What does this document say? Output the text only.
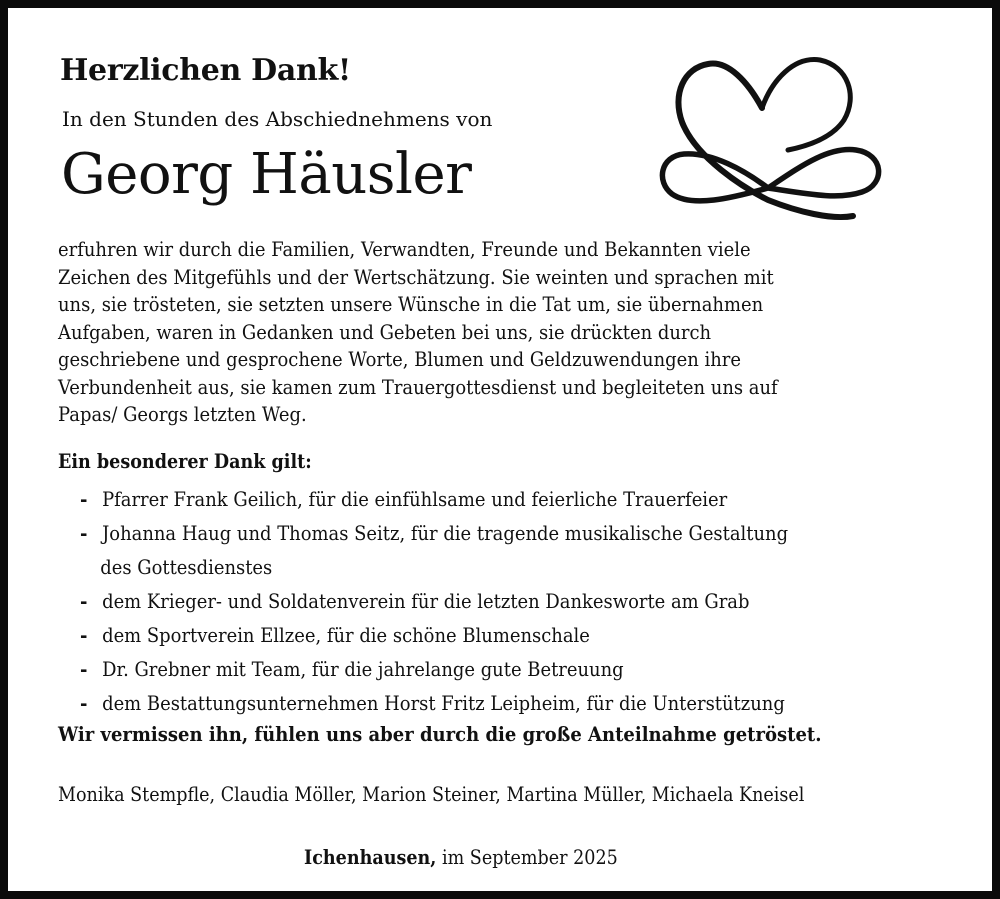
Herzlichen Dank!
In den Stunden des Abschiednehmens von
Georg Häusler
erfuhren wir durch die Familien, Verwandten, Freunde und Bekannten viele
Zeichen des Mitgefühls und der Wertschätzung. Sie weinten und sprachen mit
uns, sie trösteten, sie setzten unsere Wünsche in die Tat um, sie übernahmen
Aufgaben, waren in Gedanken und Gebeten bei uns, sie drückten durch
geschriebene und gesprochene Worte, Blumen und Geldzuwendungen ihre
Verbundenheit aus, sie kamen zum Trauergottesdienst und begleiteten uns auf
Papas/ Georgs letzten Weg.
Ein besonderer Dank gilt:
- Pfarrer Frank Geilich, für die einfühlsame und feierliche Trauerfeier
- Johanna Haug und Thomas Seitz, für die tragende musikalische Gestaltung
des Gottesdienstes
- dem Krieger- und Soldatenverein für die letzten Dankesworte am Grab
- dem Sportverein Ellzee, für die schöne Blumenschale
- Dr. Grebner mit Team, für die jahrelange gute Betreuung
- dem Bestattungsunternehmen Horst Fritz Leipheim, für die Unterstützung
Wir vermissen ihn, fühlen uns aber durch die große Anteilnahme getröstet.
Monika Stempfle, Claudia Möller, Marion Steiner, Martina Müller, Michaela Kneisel
Ichenhausen, im September 2025
